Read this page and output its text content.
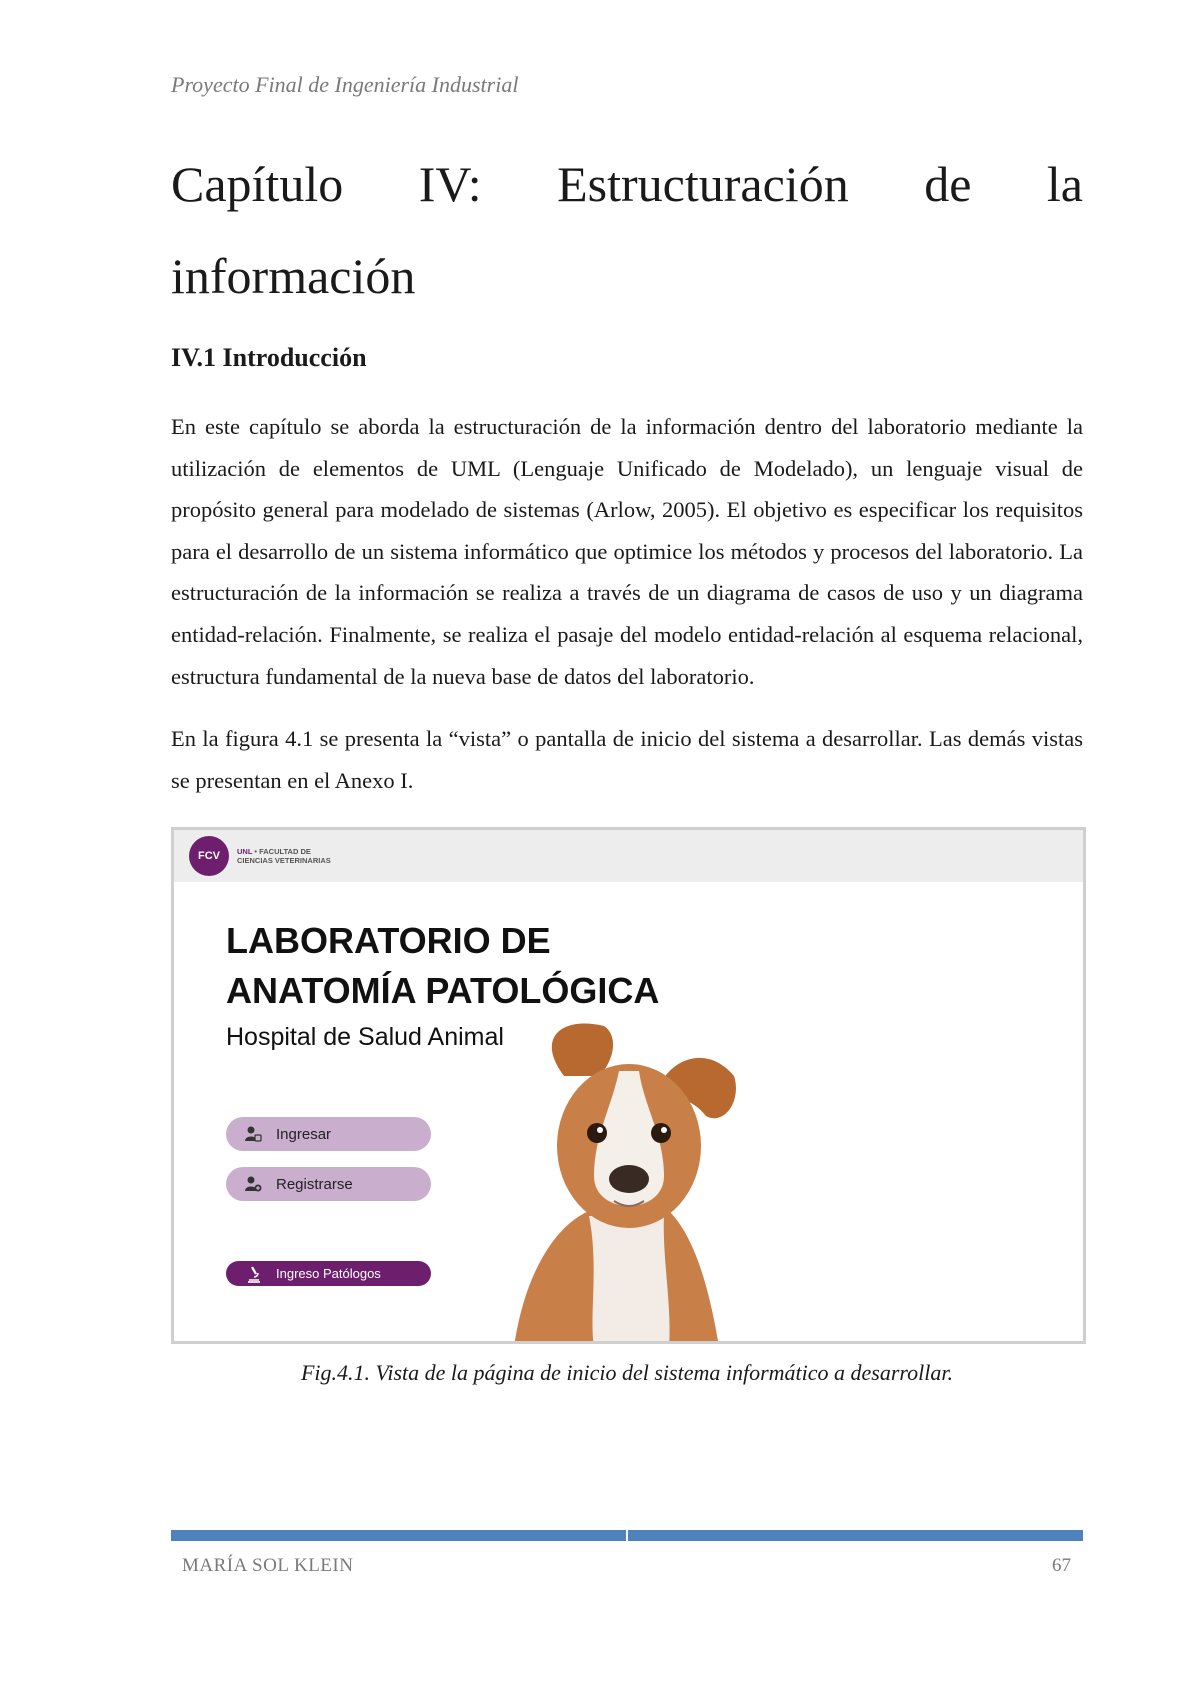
Proyecto Final de Ingeniería Industrial
Capítulo IV: Estructuración de la
información
IV.1 Introducción

En este capítulo se aborda la estructuración de la información dentro del laboratorio mediante la utilización de elementos de UML (Lenguaje Unificado de Modelado), un lenguaje visual de propósito general para modelado de sistemas (Arlow, 2005). El objetivo es especificar los requisitos para el desarrollo de un sistema informático que optimice los métodos y procesos del laboratorio. La estructuración de la información se realiza a través de un diagrama de casos de uso y un diagrama entidad-relación. Finalmente, se realiza el pasaje del modelo entidad-relación al esquema relacional, estructura fundamental de la nueva base de datos del laboratorio.

En la figura 4.1 se presenta la “vista” o pantalla de inicio del sistema a desarrollar. Las demás vistas se presentan en el Anexo I.

FCV	UNL • FACULTAD DE
CIENCIAS VETERINARIAS
LABORATORIO DE
ANATOMÍA PATOLÓGICA
Hospital de Salud Animal
Ingresar
Registrarse
Ingreso Patólogos
Fig.4.1. Vista de la página de inicio del sistema informático a desarrollar.
MARÍA SOL KLEIN	67
